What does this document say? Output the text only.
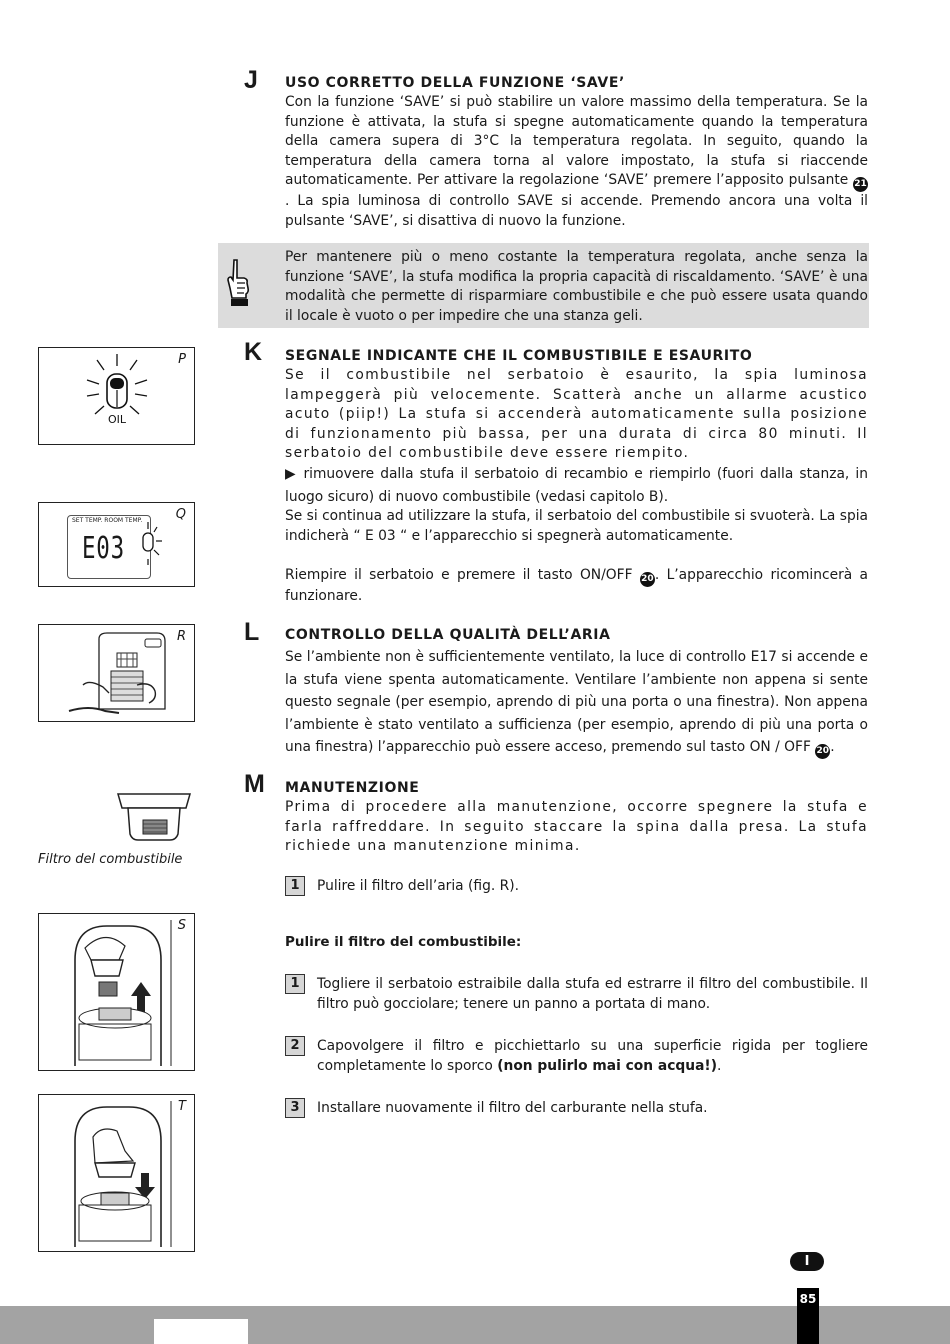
J USO CORRETTO DELLA FUNZIONE ‘SAVE’
Con la funzione ‘SAVE’ si può stabilire un valore massimo della temperatura. Se la funzione è attivata, la stufa si spegne automaticamente quando la temperatura della camera supera di 3°C la temperatura regolata. In seguito, quando la temperatura della camera torna al valore impostato, la stufa si riaccende automaticamente. Per attivare la regolazione ‘SAVE’ premere l’apposito pulsante 21. La spia luminosa di controllo SAVE si accende. Premendo ancora una volta il pulsante ‘SAVE’, si disattiva di nuovo la funzione.
Per mantenere più o meno costante la temperatura regolata, anche senza la funzione ‘SAVE’, la stufa modifica la propria capacità di riscaldamento. ‘SAVE’ è una modalità che permette di risparmiare combustibile e che può essere usata quando il locale è vuoto o per impedire che una stanza geli.
K SEGNALE INDICANTE CHE IL COMBUSTIBILE E ESAURITO
Se il combustibile nel serbatoio è esaurito, la spia luminosa lampeggerà più velocemente. Scatterà anche un allarme acustico acuto (piip!) La stufa si accenderà automaticamente sulla posizione di funzionamento più bassa, per una durata di circa 80 minuti. Il serbatoio del combustibile deve essere riempito.
▶ rimuovere dalla stufa il serbatoio di recambio e riempirlo (fuori dalla stanza, in luogo sicuro) di nuovo combustibile (vedasi capitolo B).
Se si continua ad utilizzare la stufa, il serbatoio del combustibile si svuoterà. La spia indicherà “ E 03 “ e l’apparecchio si spegnerà automaticamente.
Riempire il serbatoio e premere il tasto ON/OFF 20. L’apparecchio ricomincerà a funzionare.
L CONTROLLO DELLA QUALITÀ DELL’ARIA
Se l’ambiente non è sufficientemente ventilato, la luce di controllo E17 si accende e la stufa viene spenta automaticamente. Ventilare l’ambiente non appena si sente questo segnale (per esempio, aprendo di più una porta o una finestra). Non appena l’ambiente è stato ventilato a sufficienza (per esempio, aprendo di più una porta o una finestra) l’apparecchio può essere acceso, premendo sul tasto ON / OFF 20.
M MANUTENZIONE
Prima di procedere alla manutenzione, occorre spegnere la stufa e farla raffreddare. In seguito staccare la spina dalla presa. La stufa richiede una manutenzione minima.
1	Pulire il filtro dell’aria (fig. R).
Pulire il filtro del combustibile:
1	Togliere il serbatoio estraibile dalla stufa ed estrarre il filtro del combustibile. Il filtro può gocciolare; tenere un panno a portata di mano.
2	Capovolgere il filtro e picchiettarlo su una superficie rigida per togliere completamente lo sporco (non pulirlo mai con acqua!).
3	Installare nuovamente il filtro del carburante nella stufa.
P
OIL
Q
SET TEMP. ROOM TEMP.
E03
R
Filtro del combustibile
S
T
I
85
